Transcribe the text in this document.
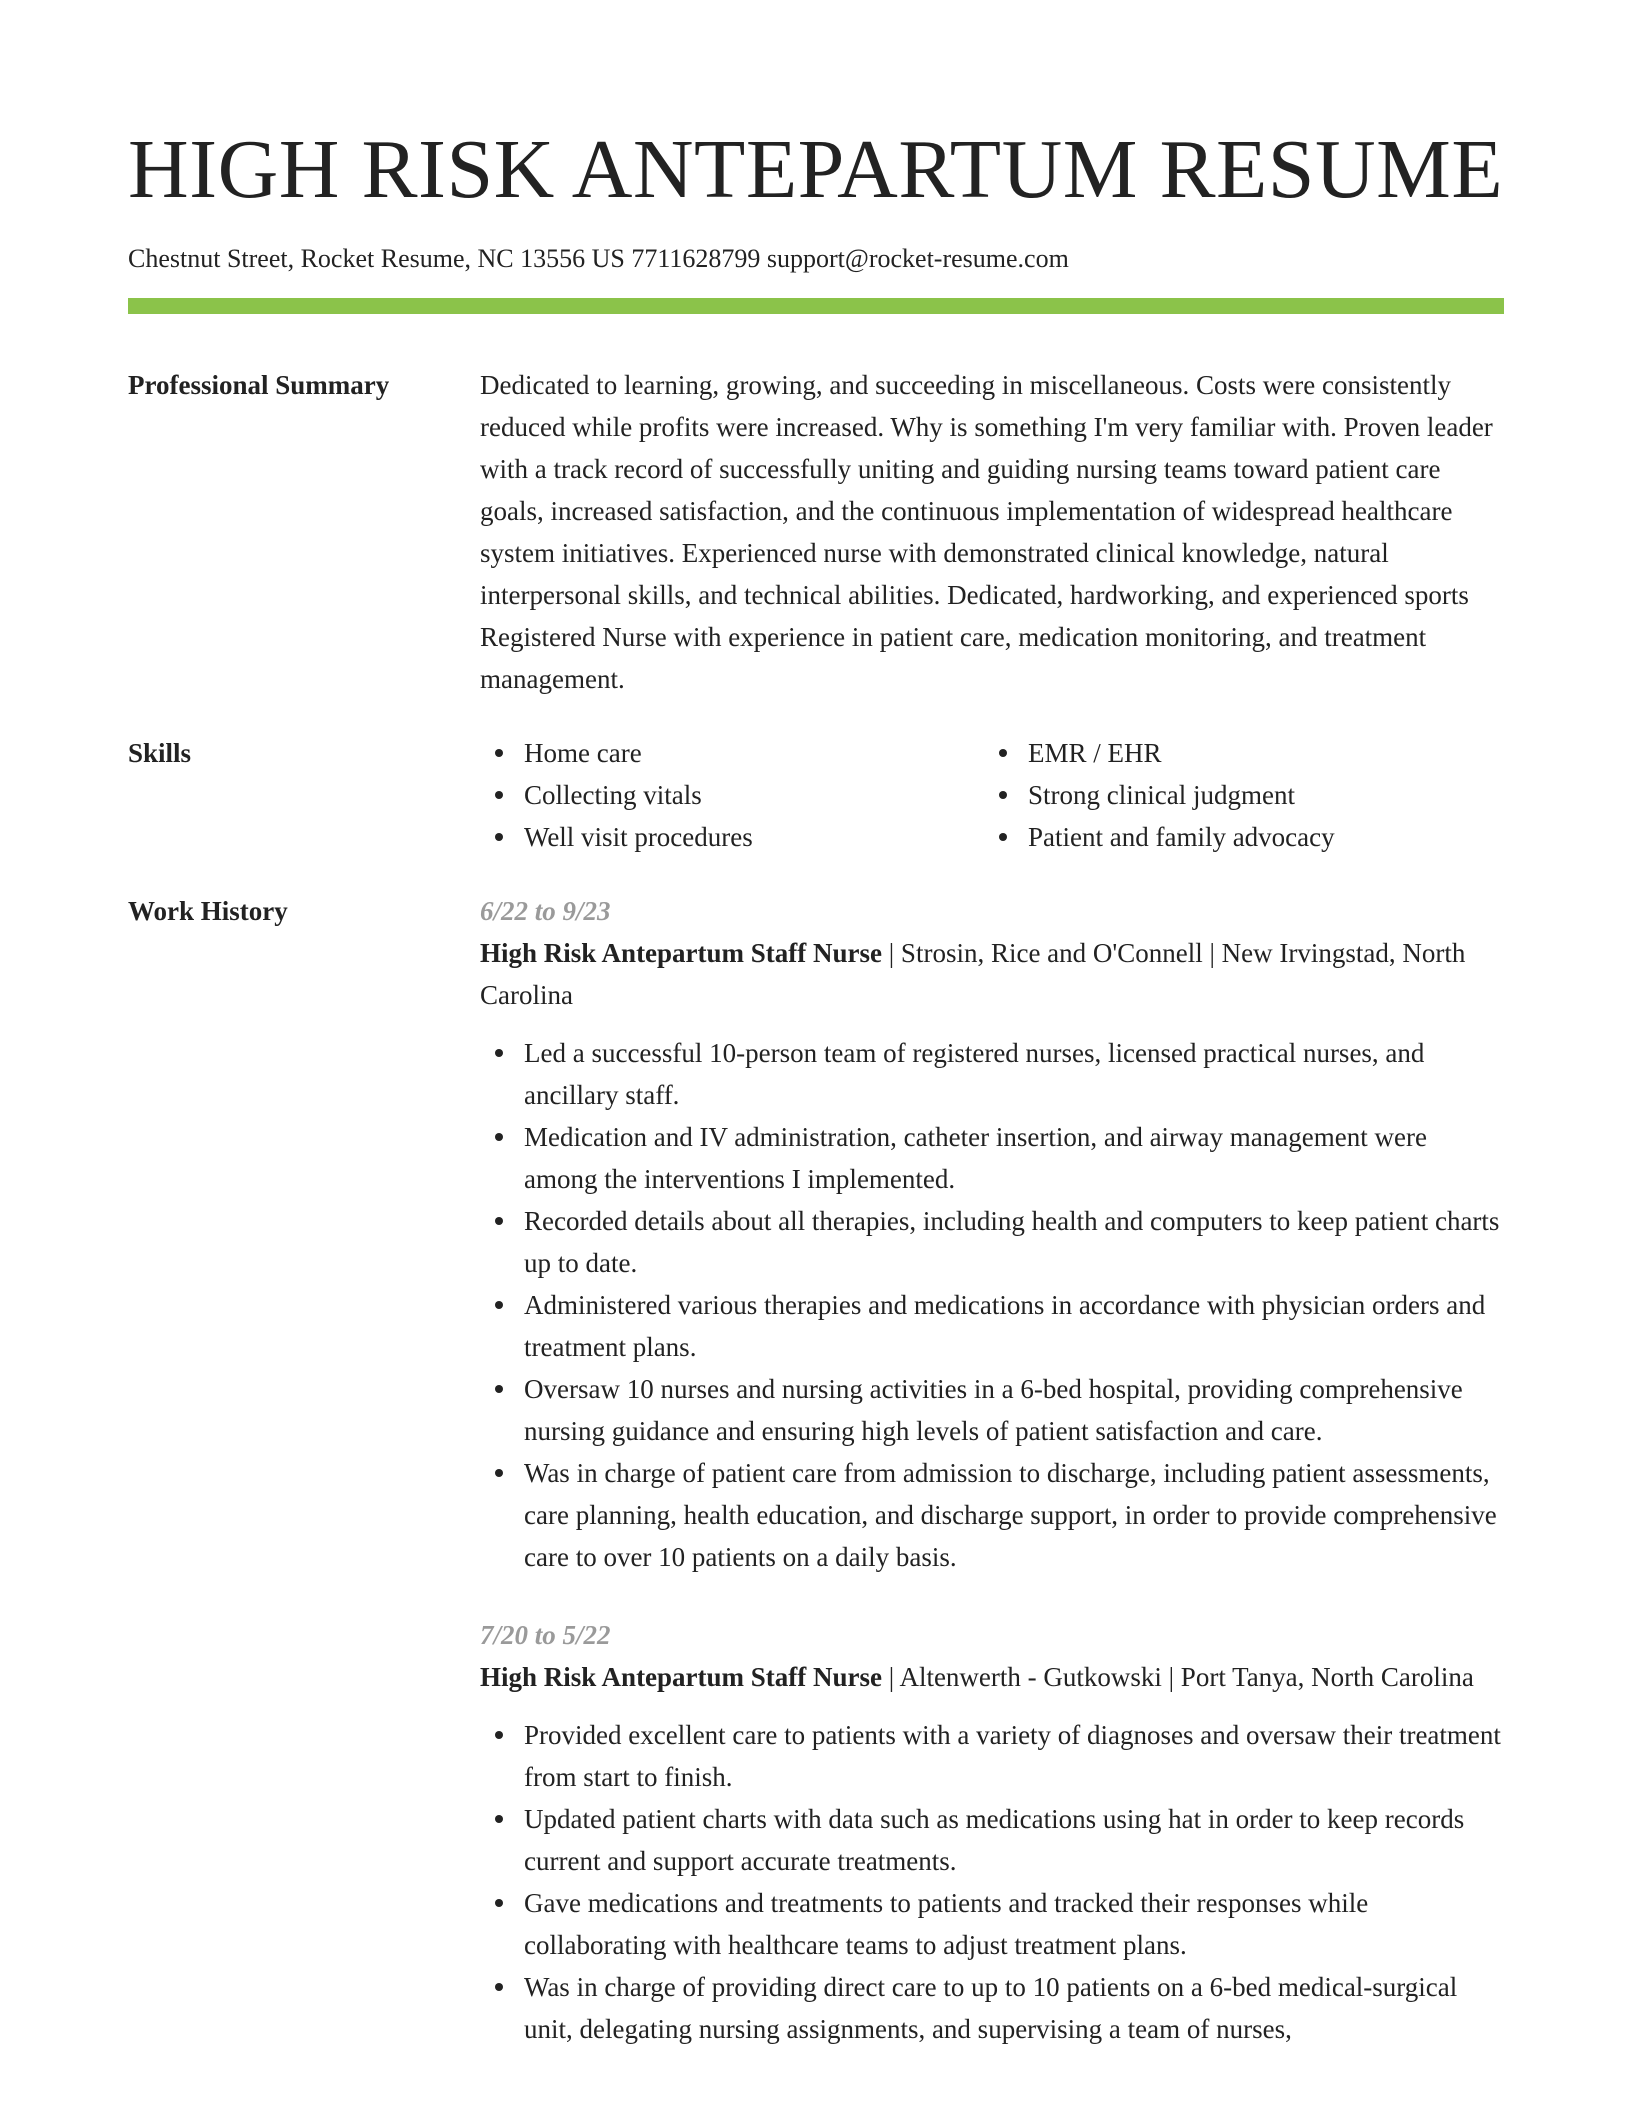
HIGH RISK ANTEPARTUM RESUME
Chestnut Street, Rocket Resume, NC 13556 US 7711628799 support@rocket-resume.com
Professional Summary	Dedicated to learning, growing, and succeeding in miscellaneous. Costs were consistently reduced while profits were increased. Why is something I'm very familiar with. Proven leader with a track record of successfully uniting and guiding nursing teams toward patient care goals, increased satisfaction, and the continuous implementation of widespread healthcare system initiatives. Experienced nurse with demonstrated clinical knowledge, natural interpersonal skills, and technical abilities. Dedicated, hardworking, and experienced sports Registered Nurse with experience in patient care, medication monitoring, and treatment management.
Skills	Home care
Collecting vitals
Well visit procedures
EMR / EHR
Strong clinical judgment
Patient and family advocacy
Work History	6/22 to 9/23
High Risk Antepartum Staff Nurse | Strosin, Rice and O'Connell | New Irvingstad, North Carolina
Led a successful 10-person team of registered nurses, licensed practical nurses, and ancillary staff.
Medication and IV administration, catheter insertion, and airway management were among the interventions I implemented.
Recorded details about all therapies, including health and computers to keep patient charts up to date.
Administered various therapies and medications in accordance with physician orders and treatment plans.
Oversaw 10 nurses and nursing activities in a 6-bed hospital, providing comprehensive nursing guidance and ensuring high levels of patient satisfaction and care.
Was in charge of patient care from admission to discharge, including patient assessments, care planning, health education, and discharge support, in order to provide comprehensive care to over 10 patients on a daily basis.
7/20 to 5/22
High Risk Antepartum Staff Nurse | Altenwerth - Gutkowski | Port Tanya, North Carolina
Provided excellent care to patients with a variety of diagnoses and oversaw their treatment from start to finish.
Updated patient charts with data such as medications using hat in order to keep records current and support accurate treatments.
Gave medications and treatments to patients and tracked their responses while collaborating with healthcare teams to adjust treatment plans.
Was in charge of providing direct care to up to 10 patients on a 6-bed medical-surgical unit, delegating nursing assignments, and supervising a team of nurses,
